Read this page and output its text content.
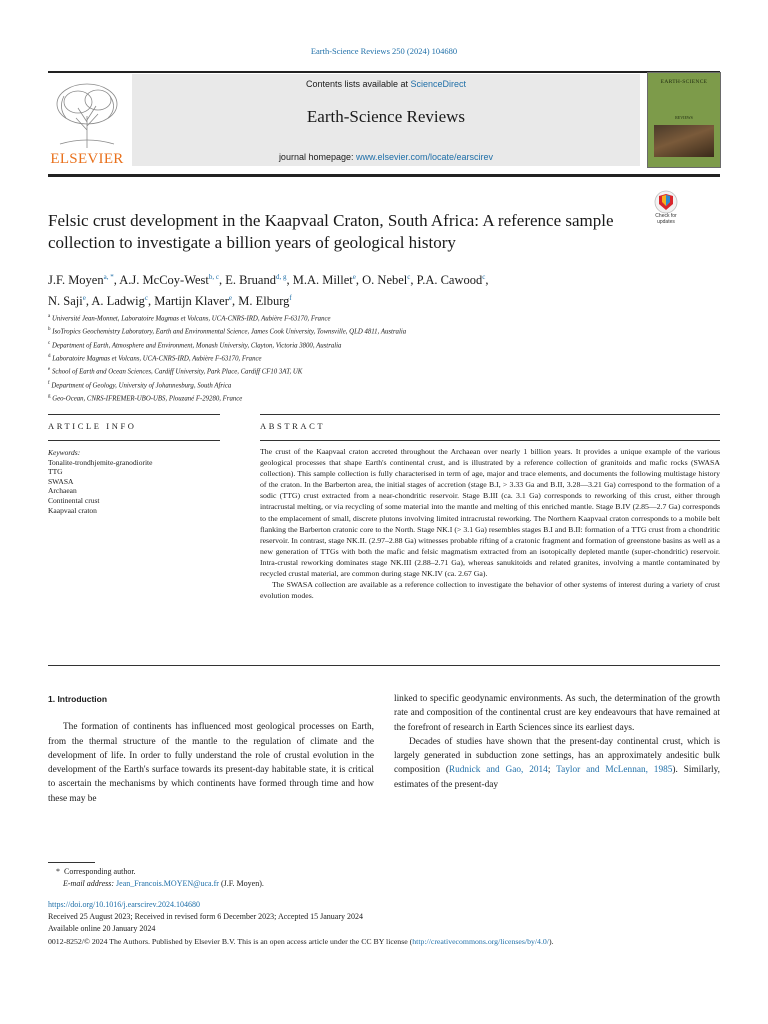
Earth-Science Reviews 250 (2024) 104680
ELSEVIER
Contents lists available at ScienceDirect
Earth-Science Reviews
journal homepage: www.elsevier.com/locate/earscirev
EARTH-SCIENCE
REVIEWS
Felsic crust development in the Kaapvaal Craton, South Africa: A reference sample collection to investigate a billion years of geological history
Check for
updates
J.F. Moyen$^{a, *}$, A.J. McCoy-West$^{b, c}$, E. Bruand$^{d, g}$, M.A. Millet$^e$, O. Nebel$^c$, P.A. Cawood$^c$,
N. Saji$^e$, A. Ladwig$^c$, Martijn Klaver$^e$, M. Elburg$^f$
$^a$ Université Jean-Monnet, Laboratoire Magmas et Volcans, UCA-CNRS-IRD, Aubière F-63170, France
$^b$ IsoTropics Geochemistry Laboratory, Earth and Environmental Science, James Cook University, Townsville, QLD 4811, Australia
$^c$ Department of Earth, Atmosphere and Environment, Monash University, Clayton, Victoria 3800, Australia
$^d$ Laboratoire Magmas et Volcans, UCA-CNRS-IRD, Aubière F-63170, France
$^e$ School of Earth and Ocean Sciences, Cardiff University, Park Place, Cardiff CF10 3AT, UK
$^f$ Department of Geology, University of Johannesburg, South Africa
$^g$ Geo-Ocean, CNRS-IFREMER-UBO-UBS, Plouzané F-29280, France
ARTICLE INFO	ABSTRACT
Keywords:
Tonalite-trondhjemite-granodiorite
TTG
SWASA
Archaean
Continental crust
Kaapvaal craton

The crust of the Kaapvaal craton accreted throughout the Archaean over nearly 1 billion years. It provides a unique example of the various geological processes that shape Earth's continental crust, and is illustrated by a reference collection of granitoids and mafic rocks (SWASA collection). This sample collection is fully characterised in term of age, major and trace elements, and documents the following multistage history of the craton. In the Barberton area, the initial stages of accretion (stage B.I, > 3.33 Ga and B.II, 3.28—3.21 Ga) correspond to the formation of a sodic (TTG) crust extracted from a near-chondritic reservoir. Stage B.III (ca. 3.1 Ga) corresponds to reworking of this crust, either through intracrustal melting, or via recycling of some material into the mantle and melting of this enriched mantle. Stage B.IV (2.85—2.7 Ga) corresponds to the emplacement of small, discrete plutons involving limited intracrustal reworking. The Northern Kaapvaal craton corresponds to a mobile belt flanking the Barberton cratonic core to the North. Stage NK.I (> 3.1 Ga) resembles stages B.I and B.II: formation of a TTG crust from a chondritic reservoir. In contrast, stage NK.II. (2.97–2.88 Ga) witnesses probable rifting of a cratonic fragment and formation of greenstone basins as well as a new generation of TTGs with both the mafic and felsic magmatism extracted from an isotopically depleted mantle (super-chondritic) reservoir. Intra-crustal reworking dominates stage NK.III (2.88–2.71 Ga), whereas sanukitoids and related granites, involving a mantle contaminated by recycled crustal material, are common during stage NK.IV (ca. 2.67 Ga).

The SWASA collection are available as a reference collection to investigate the behavior of other systems of interest during a variety of crust evolution modes.

1. Introduction

The formation of continents has influenced most geological processes on Earth, from the thermal structure of the mantle to the regulation of climate and the development of life. In order to fully understand the role of crustal evolution in the development of the Earth's surface towards its present-day habitable state, it is critical to ascertain the mechanisms by which continents have formed through time and how these may be

linked to specific geodynamic environments. As such, the determination of the growth rate and composition of the continental crust are key endeavours that have remained at the forefront of research in Earth Sciences since its earliest days.

Decades of studies have shown that the present-day continental crust, which is largely generated in subduction zone settings, has an approximately andesitic bulk composition (Rudnick and Gao, 2014; Taylor and McLennan, 1985). Similarly, estimates of the present-day

* Corresponding author.
E-mail address: Jean_Francois.MOYEN@uca.fr (J.F. Moyen).
https://doi.org/10.1016/j.earscirev.2024.104680
Received 25 August 2023; Received in revised form 6 December 2023; Accepted 15 January 2024
Available online 20 January 2024
0012-8252/© 2024 The Authors. Published by Elsevier B.V. This is an open access article under the CC BY license (http://creativecommons.org/licenses/by/4.0/).
